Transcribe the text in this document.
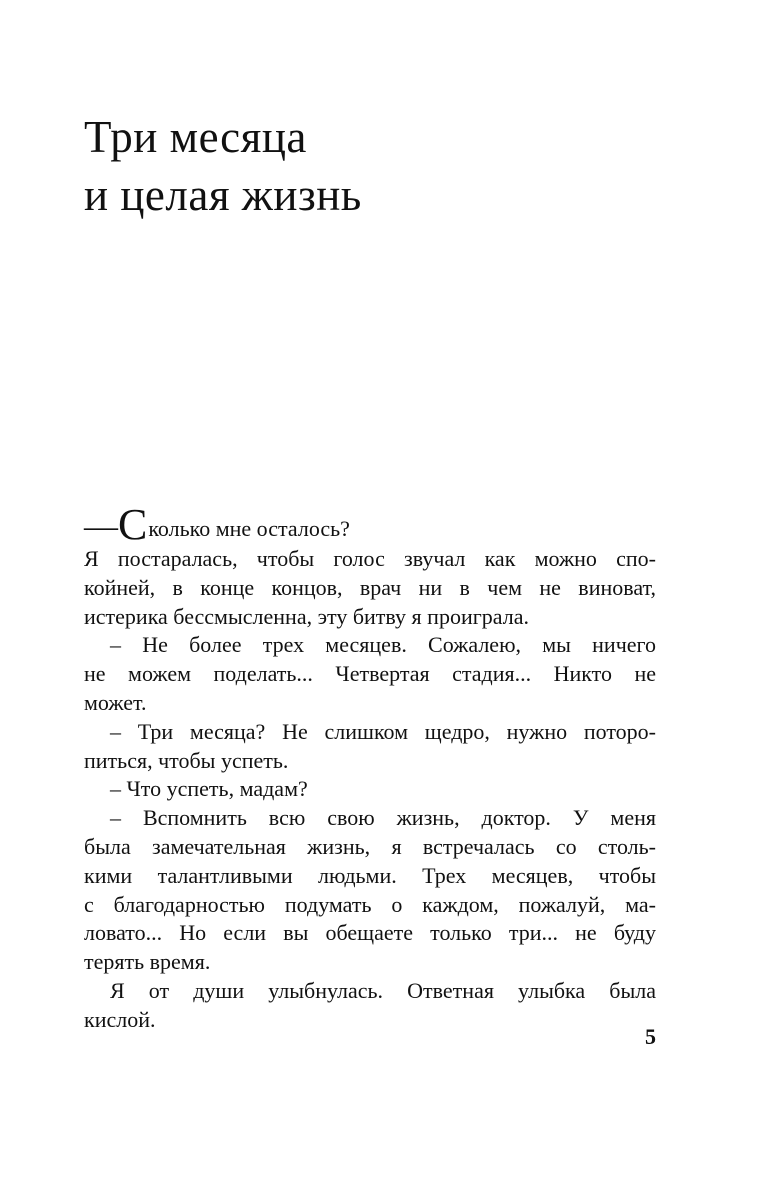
Три месяца
и целая жизнь
—Сколько мне осталось?
Я постаралась, чтобы голос звучал как можно спо-
койней, в конце концов, врач ни в чем не виноват,
истерика бессмысленна, эту битву я проиграла.
– Не более трех месяцев. Сожалею, мы ничего
не можем поделать... Четвертая стадия... Никто не
может.
– Три месяца? Не слишком щедро, нужно поторо-
питься, чтобы успеть.
– Что успеть, мадам?
– Вспомнить всю свою жизнь, доктор. У меня
была замечательная жизнь, я встречалась со столь-
кими талантливыми людьми. Трех месяцев, чтобы
с благодарностью подумать о каждом, пожалуй, ма-
ловато... Но если вы обещаете только три... не буду
терять время.
Я от души улыбнулась. Ответная улыбка была
кислой.
5
